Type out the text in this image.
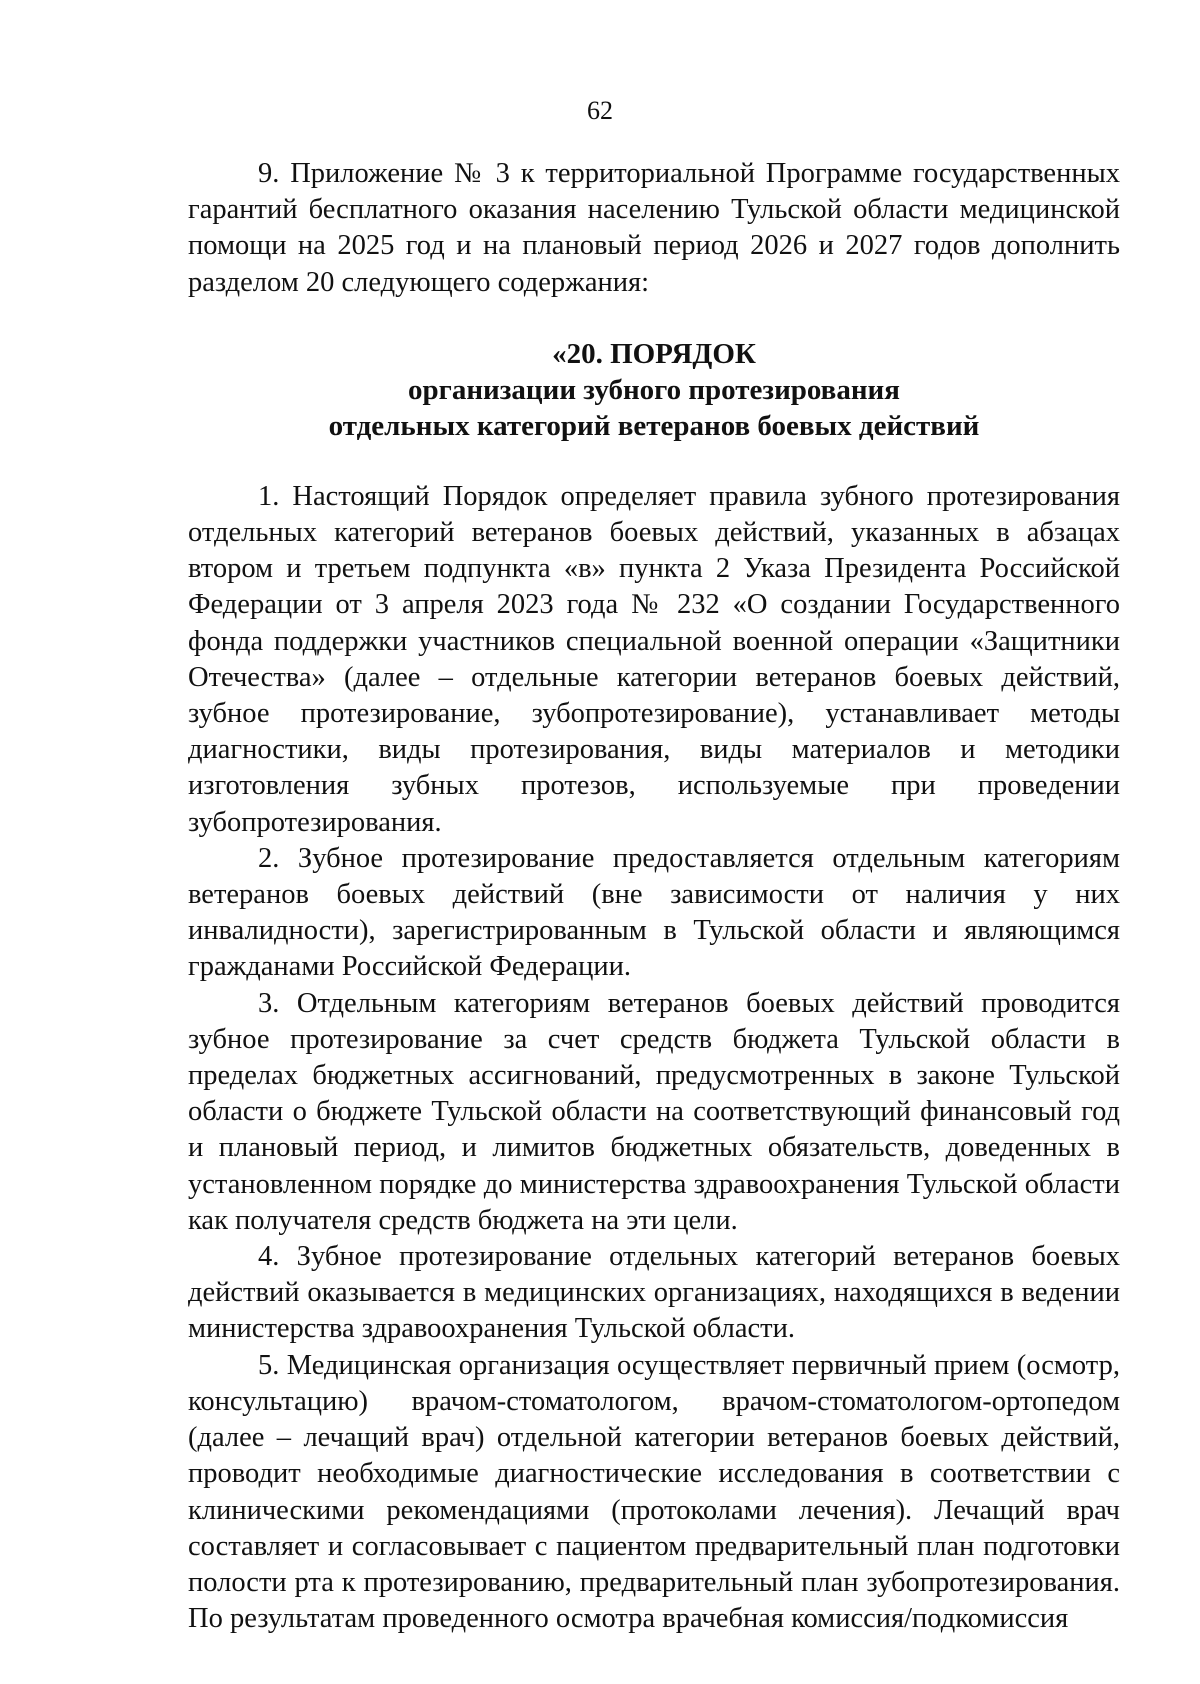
62

9. Приложение № 3 к территориальной Программе государственных гарантий бесплатного оказания населению Тульской области медицинской помощи на 2025 год и на плановый период 2026 и 2027 годов дополнить разделом 20 следующего содержания:

«20. ПОРЯДОК
организации зубного протезирования
отдельных категорий ветеранов боевых действий

1. Настоящий Порядок определяет правила зубного протезирования отдельных категорий ветеранов боевых действий, указанных в абзацах втором и третьем подпункта «в» пункта 2 Указа Президента Российской Федерации от 3 апреля 2023 года № 232 «О создании Государственного фонда поддержки участников специальной военной операции «Защитники Отечества» (далее – отдельные категории ветеранов боевых действий, зубное протезирование, зубопротезирование), устанавливает методы диагностики, виды протезирования, виды материалов и методики изготовления зубных протезов, используемые при проведении зубопротезирования.

2. Зубное протезирование предоставляется отдельным категориям ветеранов боевых действий (вне зависимости от наличия у них инвалидности), зарегистрированным в Тульской области и являющимся гражданами Российской Федерации.

3. Отдельным категориям ветеранов боевых действий проводится зубное протезирование за счет средств бюджета Тульской области в пределах бюджетных ассигнований, предусмотренных в законе Тульской области о бюджете Тульской области на соответствующий финансовый год и плановый период, и лимитов бюджетных обязательств, доведенных в установленном порядке до министерства здравоохранения Тульской области как получателя средств бюджета на эти цели.

4. Зубное протезирование отдельных категорий ветеранов боевых действий оказывается в медицинских организациях, находящихся в ведении министерства здравоохранения Тульской области.

5. Медицинская организация осуществляет первичный прием (осмотр, консультацию) врачом-стоматологом, врачом-стоматологом-ортопедом (далее – лечащий врач) отдельной категории ветеранов боевых действий, проводит необходимые диагностические исследования в соответствии с клиническими рекомендациями (протоколами лечения). Лечащий врач составляет и согласовывает с пациентом предварительный план подготовки полости рта к протезированию, предварительный план зубопротезирования. По результатам проведенного осмотра врачебная комиссия/подкомиссия
